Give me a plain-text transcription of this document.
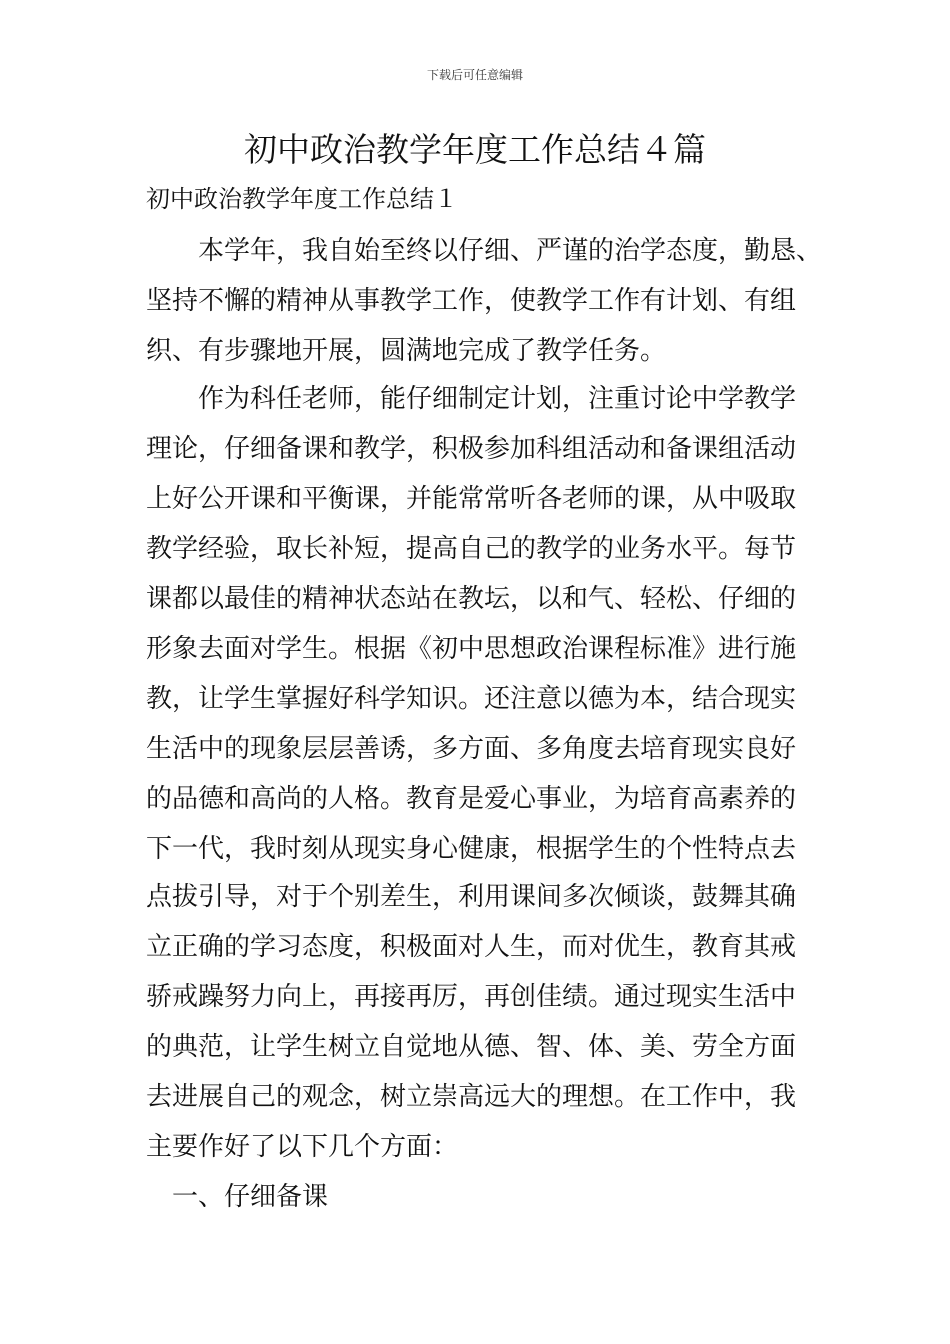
下载后可任意编辑
初中政治教学年度工作总结４篇
初中政治教学年度工作总结１
　　本学年，我自始至终以仔细、严谨的治学态度，勤恳、
坚持不懈的精神从事教学工作，使教学工作有计划、有组
织、有步骤地开展，圆满地完成了教学任务。
　　作为科任老师，能仔细制定计划，注重讨论中学教学
理论，仔细备课和教学，积极参加科组活动和备课组活动
上好公开课和平衡课，并能常常听各老师的课，从中吸取
教学经验，取长补短，提高自己的教学的业务水平。每节
课都以最佳的精神状态站在教坛，以和气、轻松、仔细的
形象去面对学生。根据《初中思想政治课程标准》进行施
教，让学生掌握好科学知识。还注意以德为本，结合现实
生活中的现象层层善诱，多方面、多角度去培育现实良好
的品德和高尚的人格。教育是爱心事业，为培育高素养的
下一代，我时刻从现实身心健康，根据学生的个性特点去
点拔引导，对于个别差生，利用课间多次倾谈，鼓舞其确
立正确的学习态度，积极面对人生，而对优生，教育其戒
骄戒躁努力向上，再接再厉，再创佳绩。通过现实生活中
的典范，让学生树立自觉地从德、智、体、美、劳全方面
去进展自己的观念，树立崇高远大的理想。在工作中，我
主要作好了以下几个方面：
　一、仔细备课
